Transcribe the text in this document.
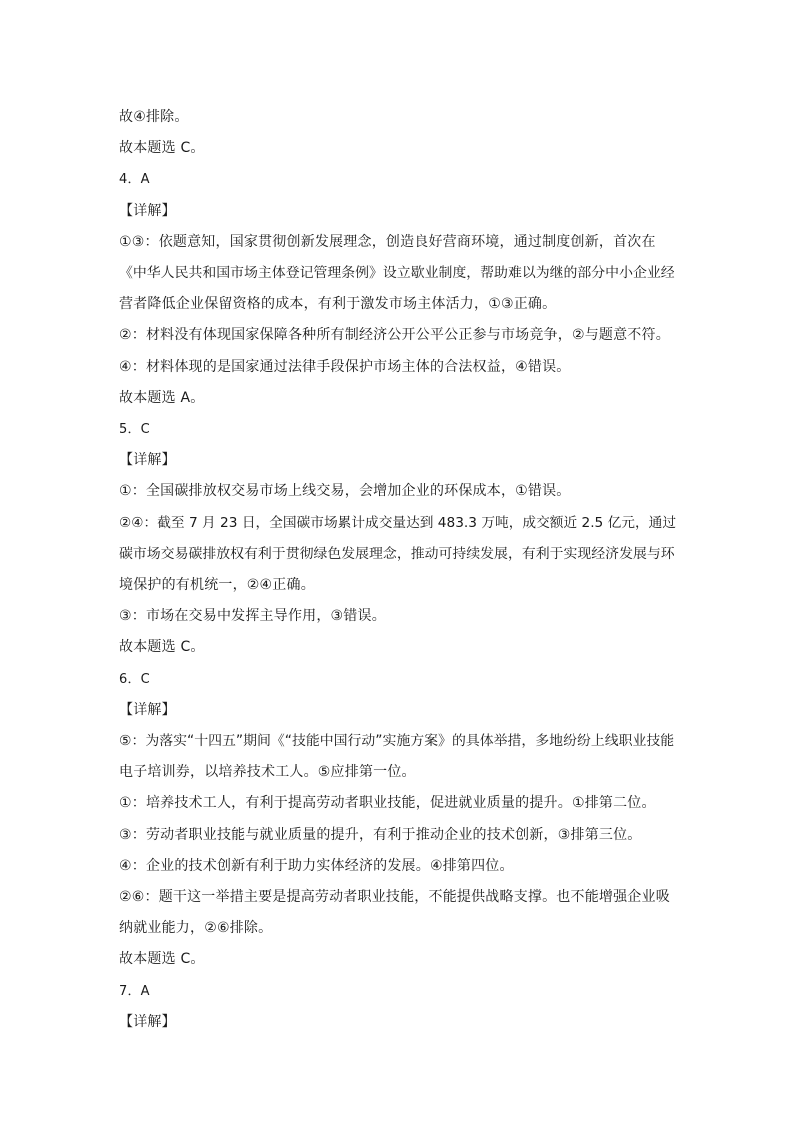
故④排除。
故本题选 C。
4．A
【详解】
①③：依题意知，国家贯彻创新发展理念，创造良好营商环境，通过制度创新，首次在
《中华人民共和国市场主体登记管理条例》设立歇业制度，帮助难以为继的部分中小企业经
营者降低企业保留资格的成本，有利于激发市场主体活力，①③正确。
②：材料没有体现国家保障各种所有制经济公开公平公正参与市场竞争，②与题意不符。
④：材料体现的是国家通过法律手段保护市场主体的合法权益，④错误。
故本题选 A。
5．C
【详解】
①：全国碳排放权交易市场上线交易，会增加企业的环保成本，①错误。
②④：截至 7 月 23 日，全国碳市场累计成交量达到 483.3 万吨，成交额近 2.5 亿元，通过
碳市场交易碳排放权有利于贯彻绿色发展理念，推动可持续发展，有利于实现经济发展与环
境保护的有机统一，②④正确。
③：市场在交易中发挥主导作用，③错误。
故本题选 C。
6．C
【详解】
⑤：为落实“十四五”期间《“技能中国行动”实施方案》的具体举措，多地纷纷上线职业技能
电子培训券，以培养技术工人。⑤应排第一位。
①：培养技术工人，有利于提高劳动者职业技能，促进就业质量的提升。①排第二位。
③：劳动者职业技能与就业质量的提升，有利于推动企业的技术创新，③排第三位。
④：企业的技术创新有利于助力实体经济的发展。④排第四位。
②⑥：题干这一举措主要是提高劳动者职业技能，不能提供战略支撑。也不能增强企业吸
纳就业能力，②⑥排除。
故本题选 C。
7．A
【详解】
